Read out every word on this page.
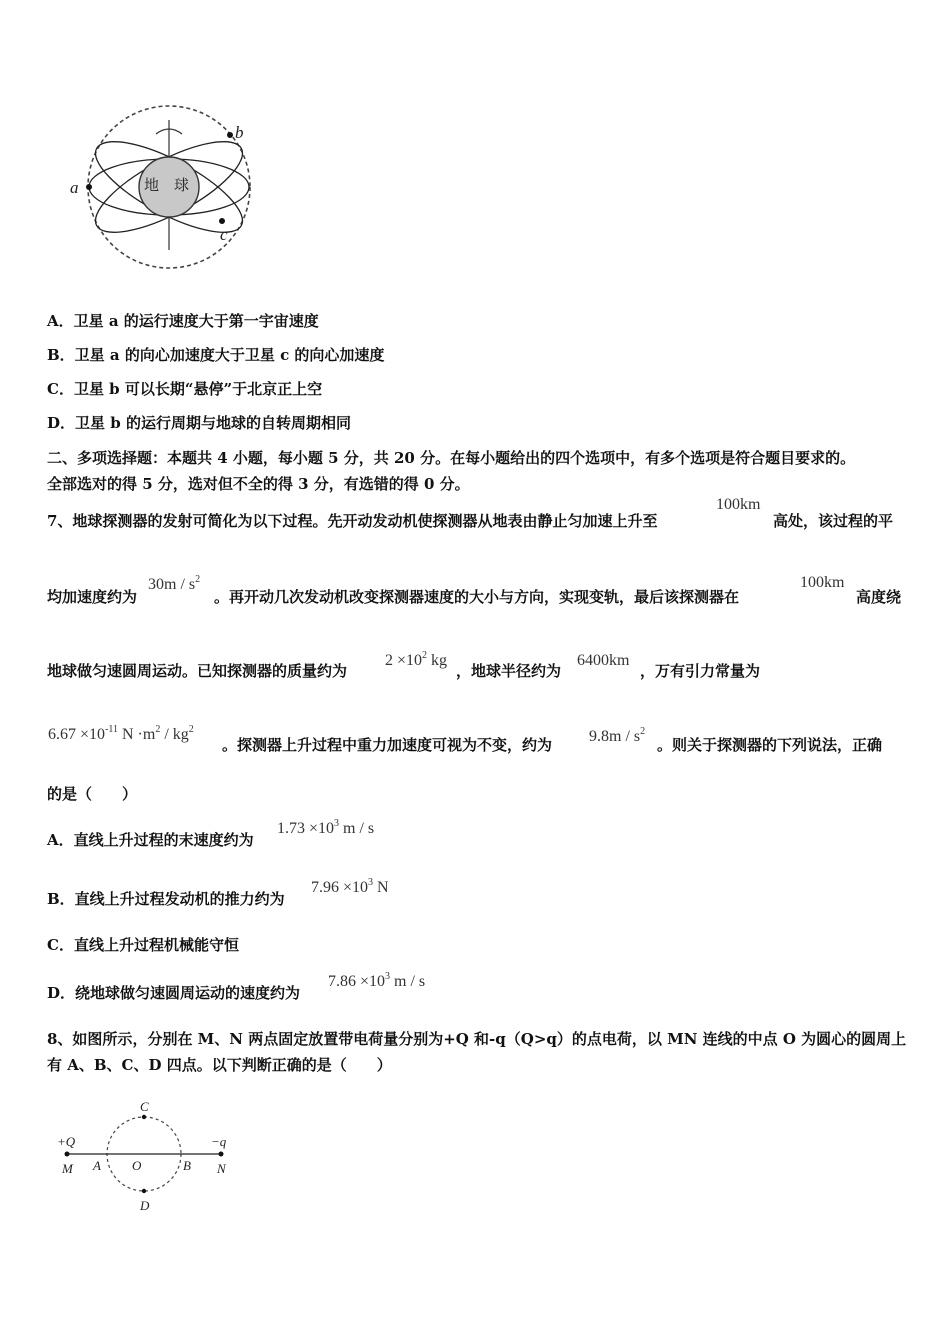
地 球
a
b
c
A．卫星 a 的运行速度大于第一宇宙速度
B．卫星 a 的向心加速度大于卫星 c 的向心加速度
C．卫星 b 可以长期“悬停”于北京正上空
D．卫星 b 的运行周期与地球的自转周期相同
二、多项选择题：本题共 4 小题，每小题 5 分，共 20 分。在每小题给出的四个选项中，有多个选项是符合题目要求的。
全部选对的得 5 分，选对但不全的得 3 分，有选错的得 0 分。
7、地球探测器的发射可简化为以下过程。先开动发动机使探测器从地表由静止匀加速上升至
100km
高处，该过程的平
均加速度约为
$30m / s^2$
。再开动几次发动机改变探测器速度的大小与方向，实现变轨，最后该探测器在
100km
高度绕
地球做匀速圆周运动。已知探测器的质量约为
$2 \times 10^2$ kg
，地球半径约为
6400km
，万有引力常量为
$6.67 \times 10^{-11}$ $N \cdot m^2 / kg^2$
。探测器上升过程中重力加速度可视为不变，约为 $9.8m / s^2$
。则关于探测器的下列说法，正确
的是（　　）
A．直线上升过程的末速度约为
$1.73 \times 10^3$ m / s
B．直线上升过程发动机的推力约为
$7.96 \times 10^3$ N
C．直线上升过程机械能守恒
D．绕地球做匀速圆周运动的速度约为
$7.86 \times 10^3$ m / s
8、如图所示，分别在 M、N 两点固定放置带电荷量分别为+Q 和-q（Q>q）的点电荷，以 MN 连线的中点 O 为圆心的圆周上有 A、B、C、D 四点。以下判断正确的是（　　）
+Q	−q
M	N
A O	B
C
D
